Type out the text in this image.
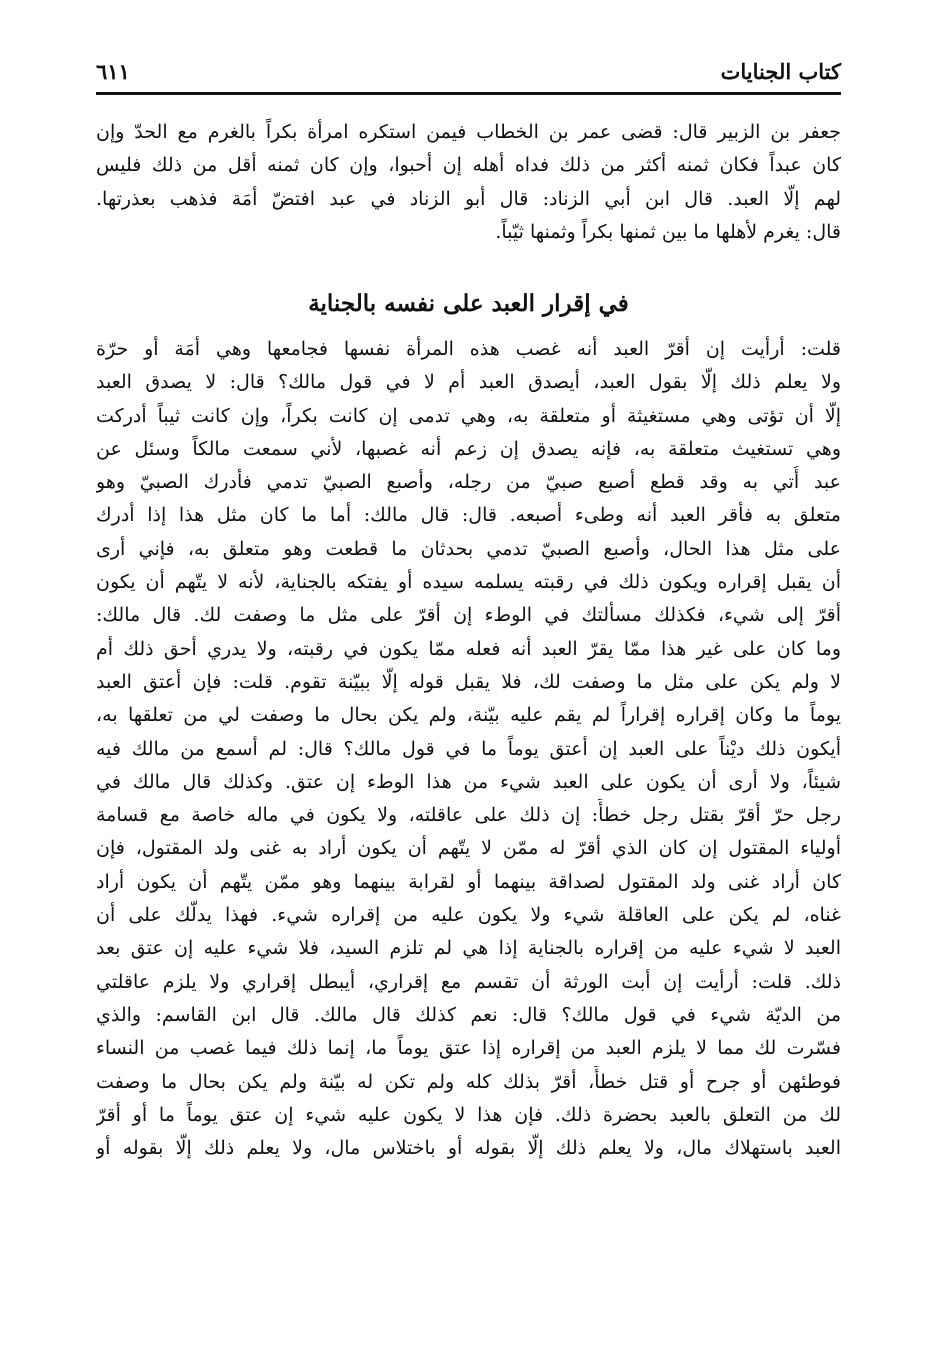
كتاب الجنايات
٦١١
جعفر بن الزبير قال: قضى عمر بن الخطاب فيمن استكره امرأة بكراً بالغرم مع الحدّ وإن
كان عبداً فكان ثمنه أكثر من ذلك فداه أهله إن أحبوا، وإن كان ثمنه أقل من ذلك فليس
لهم إلّا العبد. قال ابن أبي الزناد: قال أبو الزناد في عبد افتضّ أمَة فذهب بعذرتها.
قال: يغرم لأهلها ما بين ثمنها بكراً وثمنها ثيّباً.
في إقرار العبد على نفسه بالجناية
قلت: أرأيت إن أقرّ العبد أنه غصب هذه المرأة نفسها فجامعها وهي أمَة أو حرّة
ولا يعلم ذلك إلّا بقول العبد، أيصدق العبد أم لا في قول مالك؟ قال: لا يصدق العبد
إلّا أن تؤتى وهي مستغيثة أو متعلقة به، وهي تدمى إن كانت بكراً، وإن كانت ثيباً أدركت
وهي تستغيث متعلقة به، فإنه يصدق إن زعم أنه غصبها، لأني سمعت مالكاً وسئل عن
عبد أُتي به وقد قطع أصبع صبيّ من رجله، وأصبع الصبيّ تدمي فأدرك الصبيّ وهو
متعلق به فأقر العبد أنه وطىء أصبعه. قال: قال مالك: أما ما كان مثل هذا إذا أدرك
على مثل هذا الحال، وأصبع الصبيّ تدمي بحدثان ما قطعت وهو متعلق به، فإني أرى
أن يقبل إقراره ويكون ذلك في رقبته يسلمه سيده أو يفتكه بالجناية، لأنه لا يتّهم أن يكون
أقرّ إلى شيء، فكذلك مسألتك في الوطء إن أقرّ على مثل ما وصفت لك. قال مالك:
وما كان على غير هذا ممّا يقرّ العبد أنه فعله ممّا يكون في رقبته، ولا يدري أحق ذلك أم
لا ولم يكن على مثل ما وصفت لك، فلا يقبل قوله إلّا ببيّنة تقوم. قلت: فإن أعتق العبد
يوماً ما وكان إقراره إقراراً لم يقم عليه بيّنة، ولم يكن بحال ما وصفت لي من تعلقها به،
أيكون ذلك ديْناً على العبد إن أعتق يوماً ما في قول مالك؟ قال: لم أسمع من مالك فيه
شيئاً، ولا أرى أن يكون على العبد شيء من هذا الوطء إن عتق. وكذلك قال مالك في
رجل حرّ أقرّ بقتل رجل خطأً: إن ذلك على عاقلته، ولا يكون في ماله خاصة مع قسامة
أولياء المقتول إن كان الذي أقرّ له ممّن لا يتّهم أن يكون أراد به غنى ولد المقتول، فإن
كان أراد غنى ولد المقتول لصداقة بينهما أو لقرابة بينهما وهو ممّن يتّهم أن يكون أراد
غناه، لم يكن على العاقلة شيء ولا يكون عليه من إقراره شيء. فهذا يدلّك على أن
العبد لا شيء عليه من إقراره بالجناية إذا هي لم تلزم السيد، فلا شيء عليه إن عتق بعد
ذلك. قلت: أرأيت إن أبت الورثة أن تقسم مع إقراري، أيبطل إقراري ولا يلزم عاقلتي
من الديّة شيء في قول مالك؟ قال: نعم كذلك قال مالك. قال ابن القاسم: والذي
فسّرت لك مما لا يلزم العبد من إقراره إذا عتق يوماً ما، إنما ذلك فيما غصب من النساء
فوطئهن أو جرح أو قتل خطأً، أقرّ بذلك كله ولم تكن له بيّنة ولم يكن بحال ما وصفت
لك من التعلق بالعبد بحضرة ذلك. فإن هذا لا يكون عليه شيء إن عتق يوماً ما أو أقرّ
العبد باستهلاك مال، ولا يعلم ذلك إلّا بقوله أو باختلاس مال، ولا يعلم ذلك إلّا بقوله أو
